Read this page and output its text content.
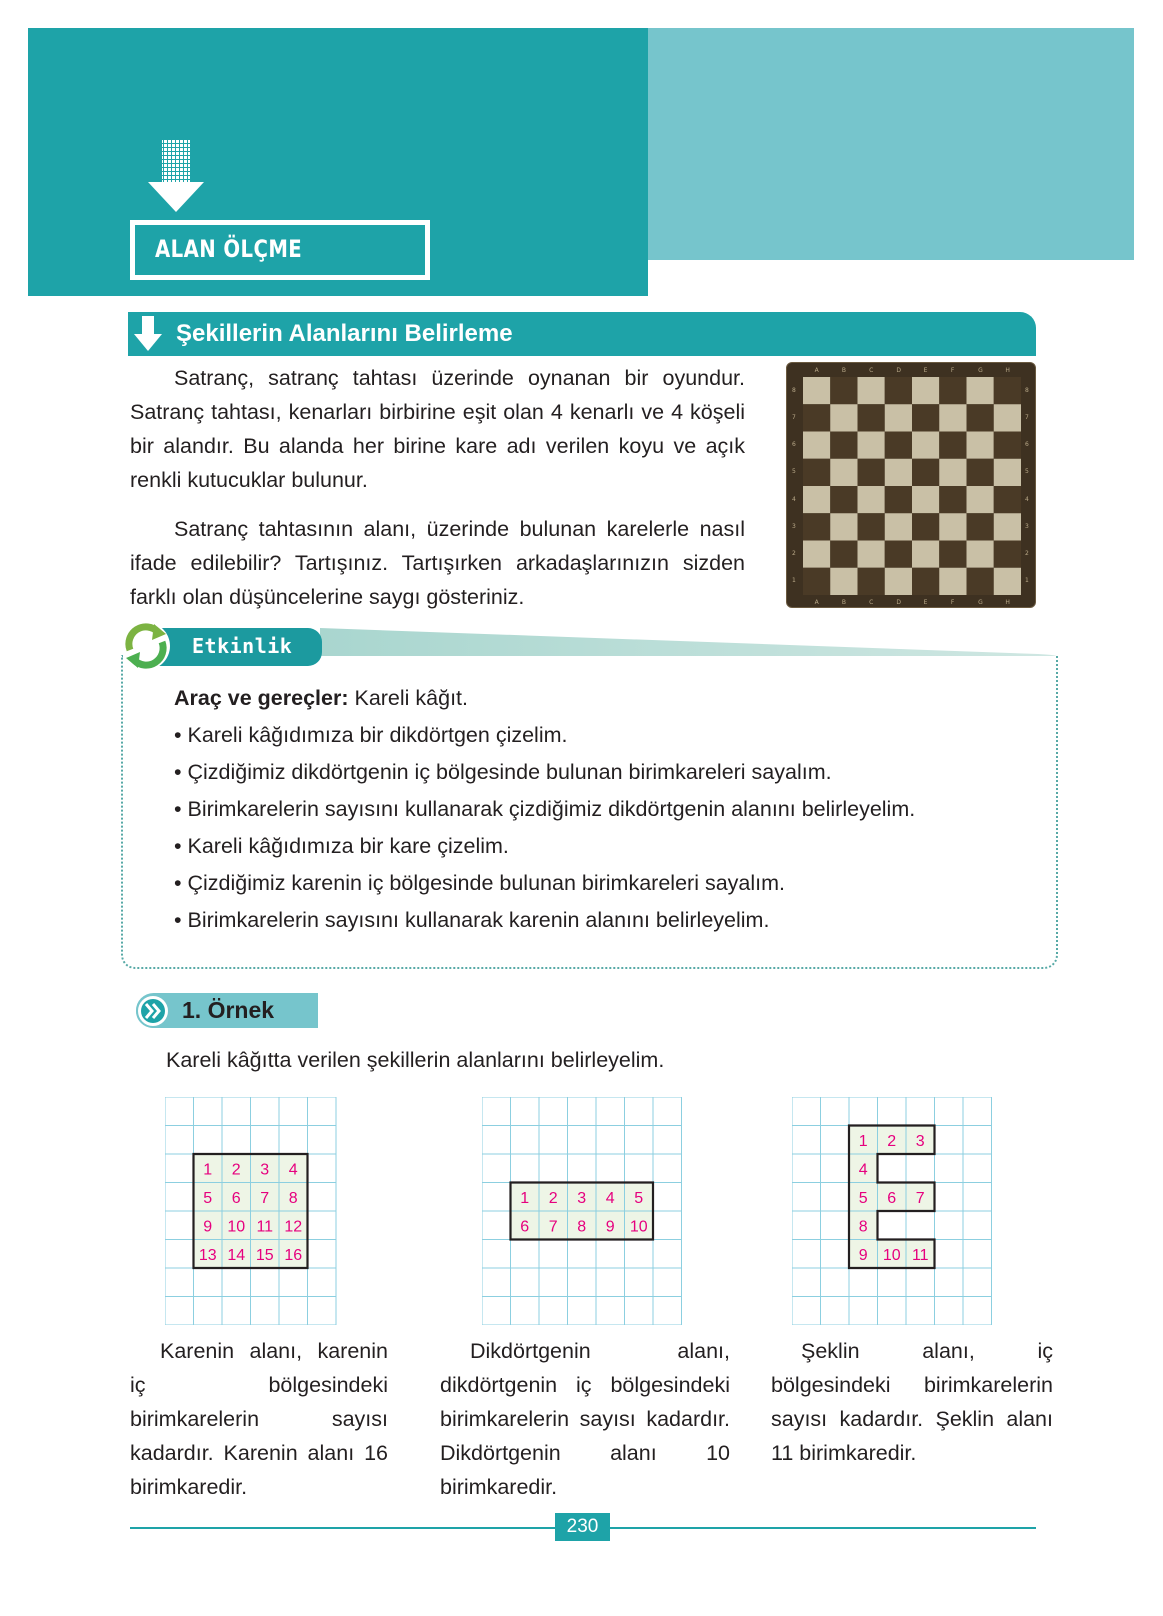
ALAN ÖLÇME
Şekillerin Alanlarını Belirleme
Satranç, satranç tahtası üzerinde oynanan bir oyundur. Satranç tahtası, kenarları birbirine eşit olan 4 kenarlı ve 4 köşeli bir alandır. Bu alanda her birine kare adı verilen koyu ve açık renkli kutucuklar bulunur.
Satranç tahtasının alanı, üzerinde bulunan karelerle nasıl ifade edilebilir? Tartışınız. Tartışırken arkadaşlarınızın sizden farklı olan düşüncelerine saygı gösteriniz.
A
A
B
B
C
C
D
D
E
E
F
F
G
G
H
H
8	8
7	7
6	6
5	5
4	4
3	3
2	2
1	1
Etkinlik
Araç ve gereçler: Kareli kâğıt.
• Kareli kâğıdımıza bir dikdörtgen çizelim.
• Çizdiğimiz dikdörtgenin iç bölgesinde bulunan birimkareleri sayalım.
• Birimkarelerin sayısını kullanarak çizdiğimiz dikdörtgenin alanını belirleyelim.
• Kareli kâğıdımıza bir kare çizelim.
• Çizdiğimiz karenin iç bölgesinde bulunan birimkareleri sayalım.
• Birimkarelerin sayısını kullanarak karenin alanını belirleyelim.
1. Örnek
Kareli kâğıtta verilen şekillerin alanlarını belirleyelim.
1 2 3 4
5 6 7 8
9 10 11 12
13 14 15 16
1 2 3 4 5
6 7 8 9 10
1 2 3
4
5 6 7
8
9 10 11
Karenin alanı, karenin iç bölgesindeki birimkarelerin sayısı kadardır. Karenin alanı 16 birimkaredir.
Dikdörtgenin alanı, dikdörtgenin iç bölgesindeki birimkarelerin sayısı kadardır. Dikdörtgenin alanı 10 birimkaredir.
Şeklin alanı, iç bölgesindeki birimkarelerin sayısı kadardır. Şeklin alanı 11 birimkaredir.
230
